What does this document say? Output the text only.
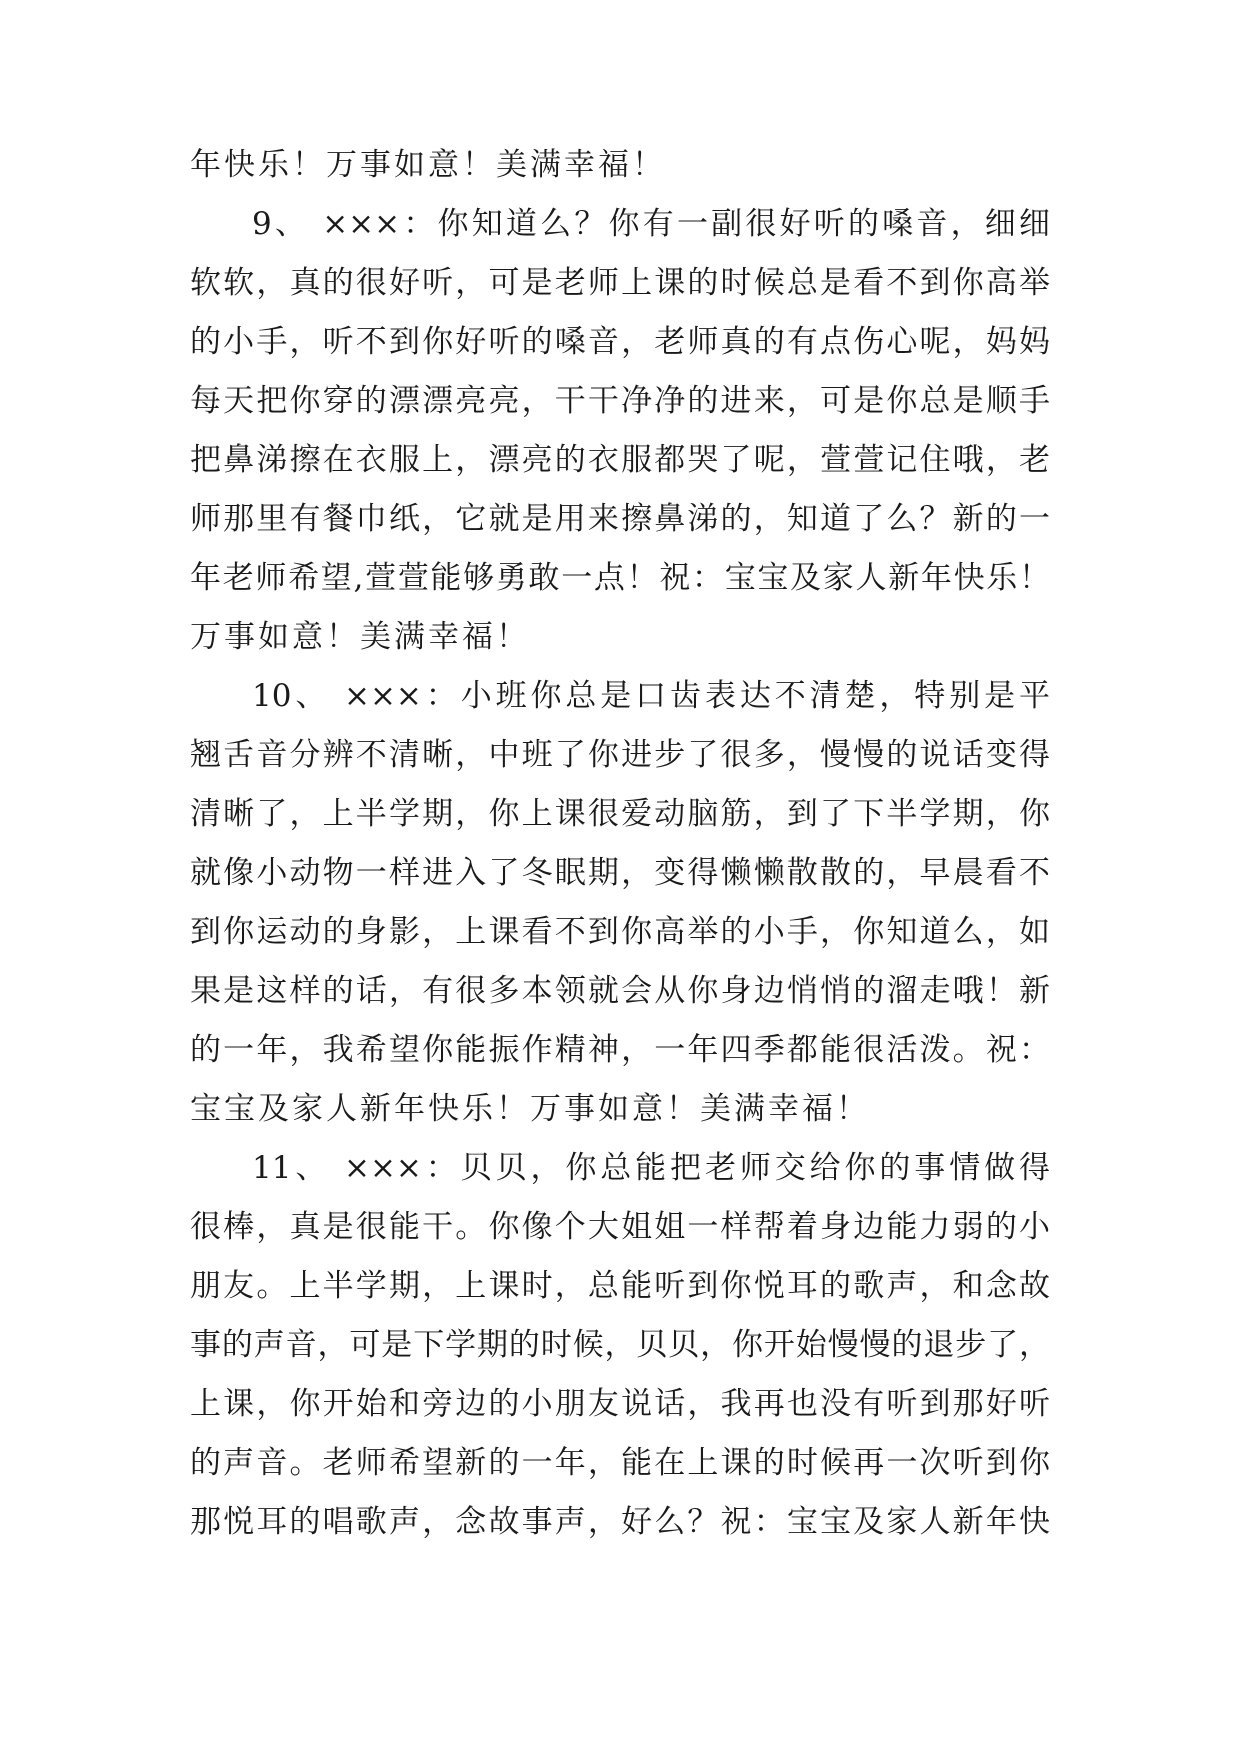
年快乐！万事如意！美满幸福！
9、 ×××：你知道么？你有一副很好听的嗓音，细细
软软，真的很好听，可是老师上课的时候总是看不到你高举
的小手，听不到你好听的嗓音，老师真的有点伤心呢，妈妈
每天把你穿的漂漂亮亮，干干净净的进来，可是你总是顺手
把鼻涕擦在衣服上，漂亮的衣服都哭了呢，萱萱记住哦，老
师那里有餐巾纸，它就是用来擦鼻涕的，知道了么？新的一
年老师希望,萱萱能够勇敢一点！祝：宝宝及家人新年快乐！
万事如意！美满幸福！
10、 ×××：小班你总是口齿表达不清楚，特别是平
翘舌音分辨不清晰，中班了你进步了很多，慢慢的说话变得
清晰了，上半学期，你上课很爱动脑筋，到了下半学期，你
就像小动物一样进入了冬眠期，变得懒懒散散的，早晨看不
到你运动的身影，上课看不到你高举的小手，你知道么，如
果是这样的话，有很多本领就会从你身边悄悄的溜走哦！新
的一年，我希望你能振作精神，一年四季都能很活泼。祝：
宝宝及家人新年快乐！万事如意！美满幸福！
11、 ×××：贝贝，你总能把老师交给你的事情做得
很棒，真是很能干。你像个大姐姐一样帮着身边能力弱的小
朋友。上半学期，上课时，总能听到你悦耳的歌声，和念故
事的声音，可是下学期的时候，贝贝，你开始慢慢的退步了，
上课，你开始和旁边的小朋友说话，我再也没有听到那好听
的声音。老师希望新的一年，能在上课的时候再一次听到你
那悦耳的唱歌声，念故事声，好么？祝：宝宝及家人新年快
